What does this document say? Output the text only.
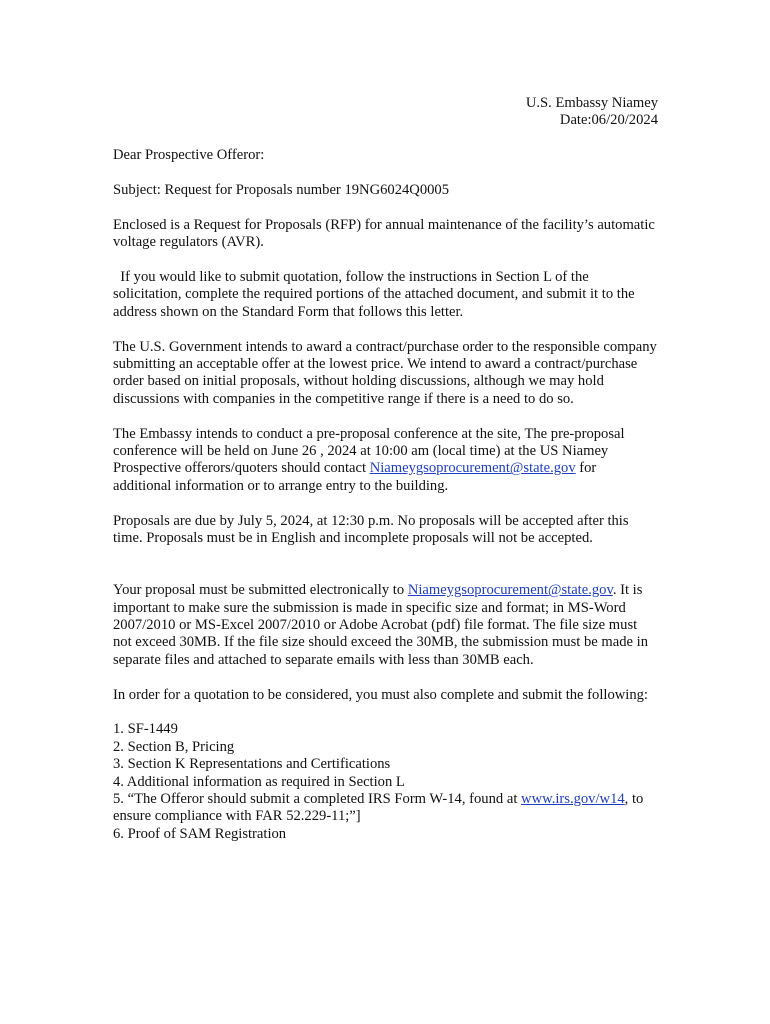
U.S. Embassy Niamey
Date:06/20/2024

Dear Prospective Offeror:

Subject: Request for Proposals number 19NG6024Q0005

Enclosed is a Request for Proposals (RFP) for annual maintenance of the facility’s automatic voltage regulators (AVR).

If you would like to submit quotation, follow the instructions in Section L of the solicitation, complete the required portions of the attached document, and submit it to the address shown on the Standard Form that follows this letter.

The U.S. Government intends to award a contract/purchase order to the responsible company submitting an acceptable offer at the lowest price. We intend to award a contract/purchase order based on initial proposals, without holding discussions, although we may hold discussions with companies in the competitive range if there is a need to do so.

The Embassy intends to conduct a pre-proposal conference at the site, The pre-proposal conference will be held on June 26 , 2024 at 10:00 am (local time) at the US Niamey Prospective offerors/quoters should contact Niameygsoprocurement@state.gov for additional information or to arrange entry to the building.

Proposals are due by July 5, 2024, at 12:30 p.m. No proposals will be accepted after this time. Proposals must be in English and incomplete proposals will not be accepted.

Your proposal must be submitted electronically to Niameygsoprocurement@state.gov. It is important to make sure the submission is made in specific size and format; in MS-Word 2007/2010 or MS-Excel 2007/2010 or Adobe Acrobat (pdf) file format. The file size must not exceed 30MB. If the file size should exceed the 30MB, the submission must be made in separate files and attached to separate emails with less than 30MB each.

In order for a quotation to be considered, you must also complete and submit the following:

1. SF-1449
2. Section B, Pricing
3. Section K Representations and Certifications
4. Additional information as required in Section L
5. “The Offeror should submit a completed IRS Form W-14, found at www.irs.gov/w14, to ensure compliance with FAR 52.229-11;”]
6. Proof of SAM Registration
